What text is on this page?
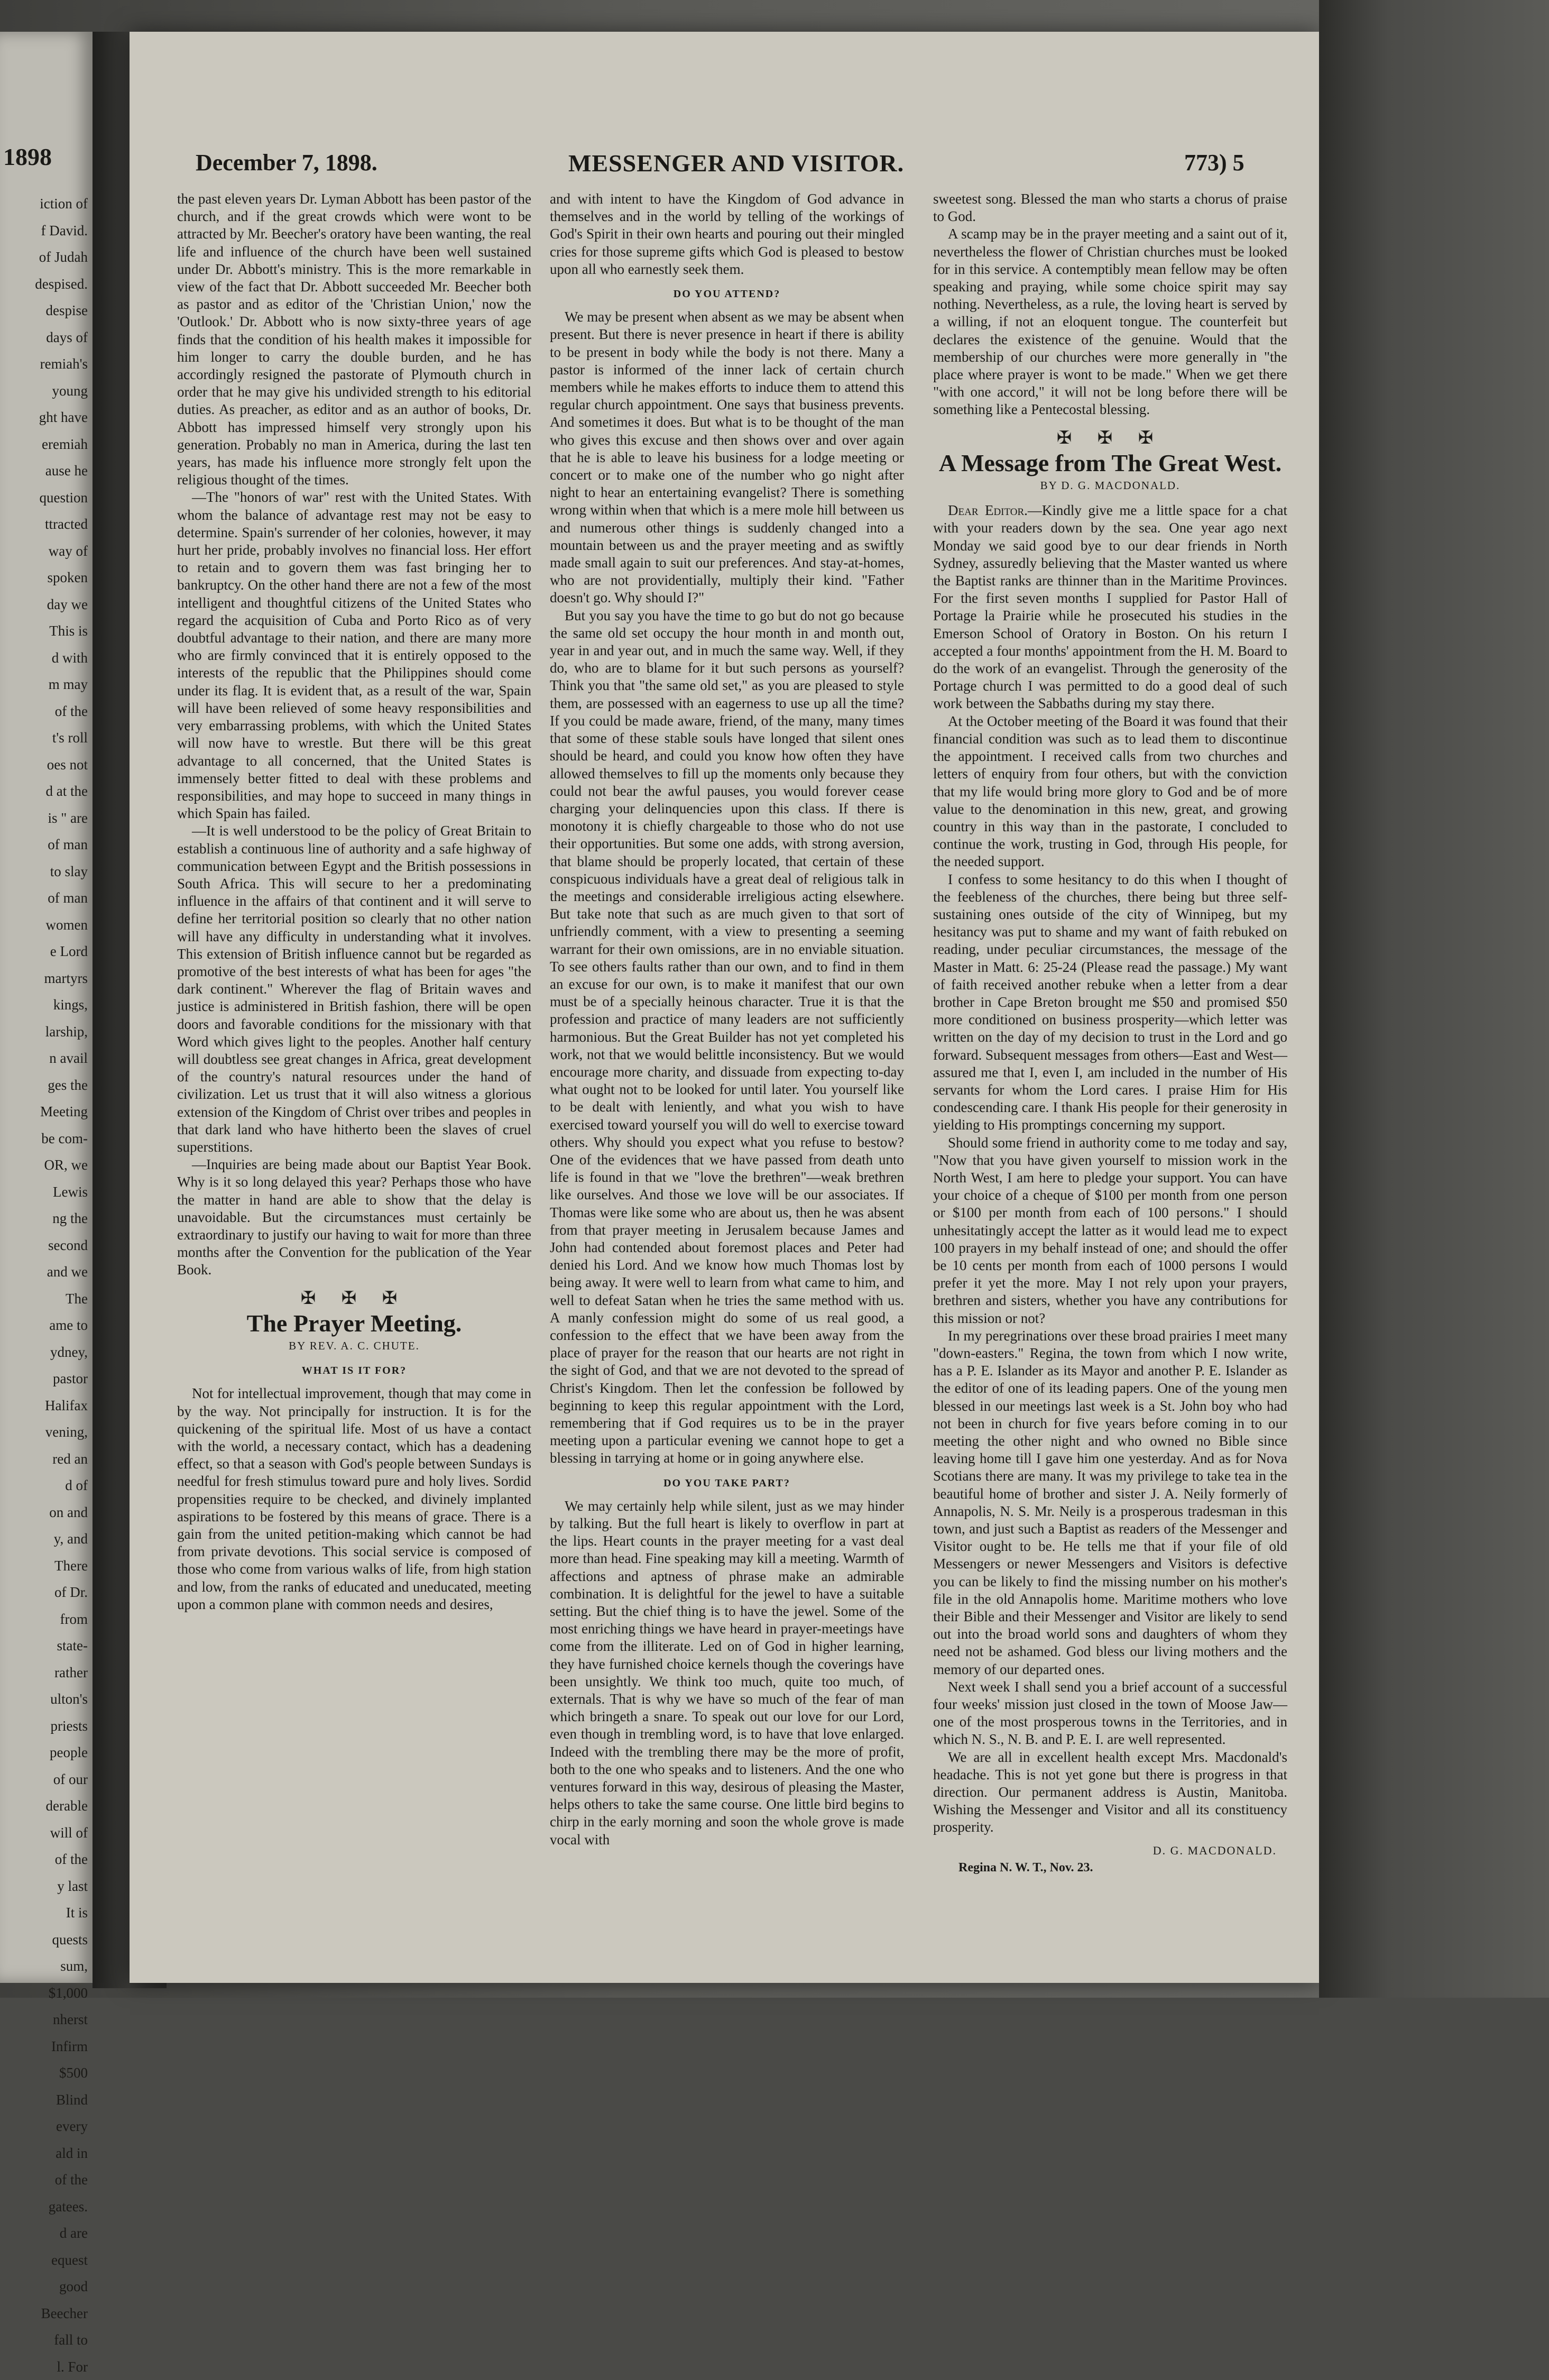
1898
iction of
f David.
of Judah
despised.
despise
days of
remiah's
young
ght have
eremiah
ause he
question
ttracted
way of
spoken
day we
This is
d with
m may
of the
t's roll
oes not
d at the
is " are
of man
to slay
of man
women
e Lord
martyrs
kings,
larship,
n avail
ges the
Meeting
be com-
OR, we
Lewis
ng the
second
and we
The
ame to
ydney,
pastor
Halifax
vening,
red an
d of
on and
y, and
There
of Dr.
from
state-
rather
ulton's
priests
people
of our
derable
will of
of the
y last
It is
quests
sum,
$1,000
nherst
Infirm
$500
Blind
every
ald in
of the
gatees.
d are
equest
good
Beecher
fall to
l. For
December 7, 1898.	MESSENGER AND VISITOR.	773) 5

the past eleven years Dr. Lyman Abbott has been pastor of the church, and if the great crowds which were wont to be attracted by Mr. Beecher's oratory have been wanting, the real life and influence of the church have been well sustained under Dr. Abbott's ministry. This is the more remarkable in view of the fact that Dr. Abbott succeeded Mr. Beecher both as pastor and as editor of the 'Christian Union,' now the 'Outlook.' Dr. Abbott who is now sixty-three years of age finds that the condition of his health makes it impossible for him longer to carry the double burden, and he has accordingly resigned the pastorate of Plymouth church in order that he may give his undivided strength to his editorial duties. As preacher, as editor and as an author of books, Dr. Abbott has impressed himself very strongly upon his generation. Probably no man in America, during the last ten years, has made his influence more strongly felt upon the religious thought of the times.

—The "honors of war" rest with the United States. With whom the balance of advantage rest may not be easy to determine. Spain's surrender of her colonies, however, it may hurt her pride, probably involves no financial loss. Her effort to retain and to govern them was fast bringing her to bankruptcy. On the other hand there are not a few of the most intelligent and thoughtful citizens of the United States who regard the acquisition of Cuba and Porto Rico as of very doubtful advantage to their nation, and there are many more who are firmly convinced that it is entirely opposed to the interests of the republic that the Philippines should come under its flag. It is evident that, as a result of the war, Spain will have been relieved of some heavy responsibilities and very embarrassing problems, with which the United States will now have to wrestle. But there will be this great advantage to all concerned, that the United States is immensely better fitted to deal with these problems and responsibilities, and may hope to succeed in many things in which Spain has failed.

—It is well understood to be the policy of Great Britain to establish a continuous line of authority and a safe highway of communication between Egypt and the British possessions in South Africa. This will secure to her a predominating influence in the affairs of that continent and it will serve to define her territorial position so clearly that no other nation will have any difficulty in understanding what it involves. This extension of British influence cannot but be regarded as promotive of the best interests of what has been for ages "the dark continent." Wherever the flag of Britain waves and justice is administered in British fashion, there will be open doors and favorable conditions for the missionary with that Word which gives light to the peoples. Another half century will doubtless see great changes in Africa, great development of the country's natural resources under the hand of civilization. Let us trust that it will also witness a glorious extension of the Kingdom of Christ over tribes and peoples in that dark land who have hitherto been the slaves of cruel superstitions.

—Inquiries are being made about our Baptist Year Book. Why is it so long delayed this year? Perhaps those who have the matter in hand are able to show that the delay is unavoidable. But the circumstances must certainly be extraordinary to justify our having to wait for more than three months after the Convention for the publication of the Year Book.

✠ ✠ ✠
The Prayer Meeting.
BY REV. A. C. CHUTE.
WHAT IS IT FOR?

Not for intellectual improvement, though that may come in by the way. Not principally for instruction. It is for the quickening of the spiritual life. Most of us have a contact with the world, a necessary contact, which has a deadening effect, so that a season with God's people between Sundays is needful for fresh stimulus toward pure and holy lives. Sordid propensities require to be checked, and divinely implanted aspirations to be fostered by this means of grace. There is a gain from the united petition-making which cannot be had from private devotions. This social service is composed of those who come from various walks of life, from high station and low, from the ranks of educated and uneducated, meeting upon a common plane with common needs and desires,

and with intent to have the Kingdom of God advance in themselves and in the world by telling of the workings of God's Spirit in their own hearts and pouring out their mingled cries for those supreme gifts which God is pleased to bestow upon all who earnestly seek them.

DO YOU ATTEND?

We may be present when absent as we may be absent when present. But there is never presence in heart if there is ability to be present in body while the body is not there. Many a pastor is informed of the inner lack of certain church members while he makes efforts to induce them to attend this regular church appointment. One says that business prevents. And sometimes it does. But what is to be thought of the man who gives this excuse and then shows over and over again that he is able to leave his business for a lodge meeting or concert or to make one of the number who go night after night to hear an entertaining evangelist? There is something wrong within when that which is a mere mole hill between us and numerous other things is suddenly changed into a mountain between us and the prayer meeting and as swiftly made small again to suit our preferences. And stay-at-homes, who are not providentially, multiply their kind. "Father doesn't go. Why should I?"

But you say you have the time to go but do not go because the same old set occupy the hour month in and month out, year in and year out, and in much the same way. Well, if they do, who are to blame for it but such persons as yourself? Think you that "the same old set," as you are pleased to style them, are possessed with an eagerness to use up all the time? If you could be made aware, friend, of the many, many times that some of these stable souls have longed that silent ones should be heard, and could you know how often they have allowed themselves to fill up the moments only because they could not bear the awful pauses, you would forever cease charging your delinquencies upon this class. If there is monotony it is chiefly chargeable to those who do not use their opportunities. But some one adds, with strong aversion, that blame should be properly located, that certain of these conspicuous individuals have a great deal of religious talk in the meetings and considerable irreligious acting elsewhere. But take note that such as are much given to that sort of unfriendly comment, with a view to presenting a seeming warrant for their own omissions, are in no enviable situation. To see others faults rather than our own, and to find in them an excuse for our own, is to make it manifest that our own must be of a specially heinous character. True it is that the profession and practice of many leaders are not sufficiently harmonious. But the Great Builder has not yet completed his work, not that we would belittle inconsistency. But we would encourage more charity, and dissuade from expecting to-day what ought not to be looked for until later. You yourself like to be dealt with leniently, and what you wish to have exercised toward yourself you will do well to exercise toward others. Why should you expect what you refuse to bestow? One of the evidences that we have passed from death unto life is found in that we "love the brethren"—weak brethren like ourselves. And those we love will be our associates. If Thomas were like some who are about us, then he was absent from that prayer meeting in Jerusalem because James and John had contended about foremost places and Peter had denied his Lord. And we know how much Thomas lost by being away. It were well to learn from what came to him, and well to defeat Satan when he tries the same method with us. A manly confession might do some of us real good, a confession to the effect that we have been away from the place of prayer for the reason that our hearts are not right in the sight of God, and that we are not devoted to the spread of Christ's Kingdom. Then let the confession be followed by beginning to keep this regular appointment with the Lord, remembering that if God requires us to be in the prayer meeting upon a particular evening we cannot hope to get a blessing in tarrying at home or in going anywhere else.

DO YOU TAKE PART?

We may certainly help while silent, just as we may hinder by talking. But the full heart is likely to overflow in part at the lips. Heart counts in the prayer meeting for a vast deal more than head. Fine speaking may kill a meeting. Warmth of affections and aptness of phrase make an admirable combination. It is delightful for the jewel to have a suitable setting. But the chief thing is to have the jewel. Some of the most enriching things we have heard in prayer-meetings have come from the illiterate. Led on of God in higher learning, they have furnished choice kernels though the coverings have been unsightly. We think too much, quite too much, of externals. That is why we have so much of the fear of man which bringeth a snare. To speak out our love for our Lord, even though in trembling word, is to have that love enlarged. Indeed with the trembling there may be the more of profit, both to the one who speaks and to listeners. And the one who ventures forward in this way, desirous of pleasing the Master, helps others to take the same course. One little bird begins to chirp in the early morning and soon the whole grove is made vocal with

sweetest song. Blessed the man who starts a chorus of praise to God.

A scamp may be in the prayer meeting and a saint out of it, nevertheless the flower of Christian churches must be looked for in this service. A contemptibly mean fellow may be often speaking and praying, while some choice spirit may say nothing. Nevertheless, as a rule, the loving heart is served by a willing, if not an eloquent tongue. The counterfeit but declares the existence of the genuine. Would that the membership of our churches were more generally in "the place where prayer is wont to be made." When we get there "with one accord," it will not be long before there will be something like a Pentecostal blessing.

✠ ✠ ✠
A Message from The Great West.
BY D. G. MACDONALD.

Dear Editor.—Kindly give me a little space for a chat with your readers down by the sea. One year ago next Monday we said good bye to our dear friends in North Sydney, assuredly believing that the Master wanted us where the Baptist ranks are thinner than in the Maritime Provinces. For the first seven months I supplied for Pastor Hall of Portage la Prairie while he prosecuted his studies in the Emerson School of Oratory in Boston. On his return I accepted a four months' appointment from the H. M. Board to do the work of an evangelist. Through the generosity of the Portage church I was permitted to do a good deal of such work between the Sabbaths during my stay there.

At the October meeting of the Board it was found that their financial condition was such as to lead them to discontinue the appointment. I received calls from two churches and letters of enquiry from four others, but with the conviction that my life would bring more glory to God and be of more value to the denomination in this new, great, and growing country in this way than in the pastorate, I concluded to continue the work, trusting in God, through His people, for the needed support.

I confess to some hesitancy to do this when I thought of the feebleness of the churches, there being but three self-sustaining ones outside of the city of Winnipeg, but my hesitancy was put to shame and my want of faith rebuked on reading, under peculiar circumstances, the message of the Master in Matt. 6: 25-24 (Please read the passage.) My want of faith received another rebuke when a letter from a dear brother in Cape Breton brought me $50 and promised $50 more conditioned on business prosperity—which letter was written on the day of my decision to trust in the Lord and go forward. Subsequent messages from others—East and West—assured me that I, even I, am included in the number of His servants for whom the Lord cares. I praise Him for His condescending care. I thank His people for their generosity in yielding to His promptings concerning my support.

Should some friend in authority come to me today and say, "Now that you have given yourself to mission work in the North West, I am here to pledge your support. You can have your choice of a cheque of $100 per month from one person or $100 per month from each of 100 persons." I should unhesitatingly accept the latter as it would lead me to expect 100 prayers in my behalf instead of one; and should the offer be 10 cents per month from each of 1000 persons I would prefer it yet the more. May I not rely upon your prayers, brethren and sisters, whether you have any contributions for this mission or not?

In my peregrinations over these broad prairies I meet many "down-easters." Regina, the town from which I now write, has a P. E. Islander as its Mayor and another P. E. Islander as the editor of one of its leading papers. One of the young men blessed in our meetings last week is a St. John boy who had not been in church for five years before coming in to our meeting the other night and who owned no Bible since leaving home till I gave him one yesterday. And as for Nova Scotians there are many. It was my privilege to take tea in the beautiful home of brother and sister J. A. Neily formerly of Annapolis, N. S. Mr. Neily is a prosperous tradesman in this town, and just such a Baptist as readers of the Messenger and Visitor ought to be. He tells me that if your file of old Messengers or newer Messengers and Visitors is defective you can be likely to find the missing number on his mother's file in the old Annapolis home. Maritime mothers who love their Bible and their Messenger and Visitor are likely to send out into the broad world sons and daughters of whom they need not be ashamed. God bless our living mothers and the memory of our departed ones.

Next week I shall send you a brief account of a successful four weeks' mission just closed in the town of Moose Jaw—one of the most prosperous towns in the Territories, and in which N. S., N. B. and P. E. I. are well represented.

We are all in excellent health except Mrs. Macdonald's headache. This is not yet gone but there is progress in that direction. Our permanent address is Austin, Manitoba. Wishing the Messenger and Visitor and all its constituency prosperity.

D. G. MACDONALD.

Regina N. W. T., Nov. 23.
